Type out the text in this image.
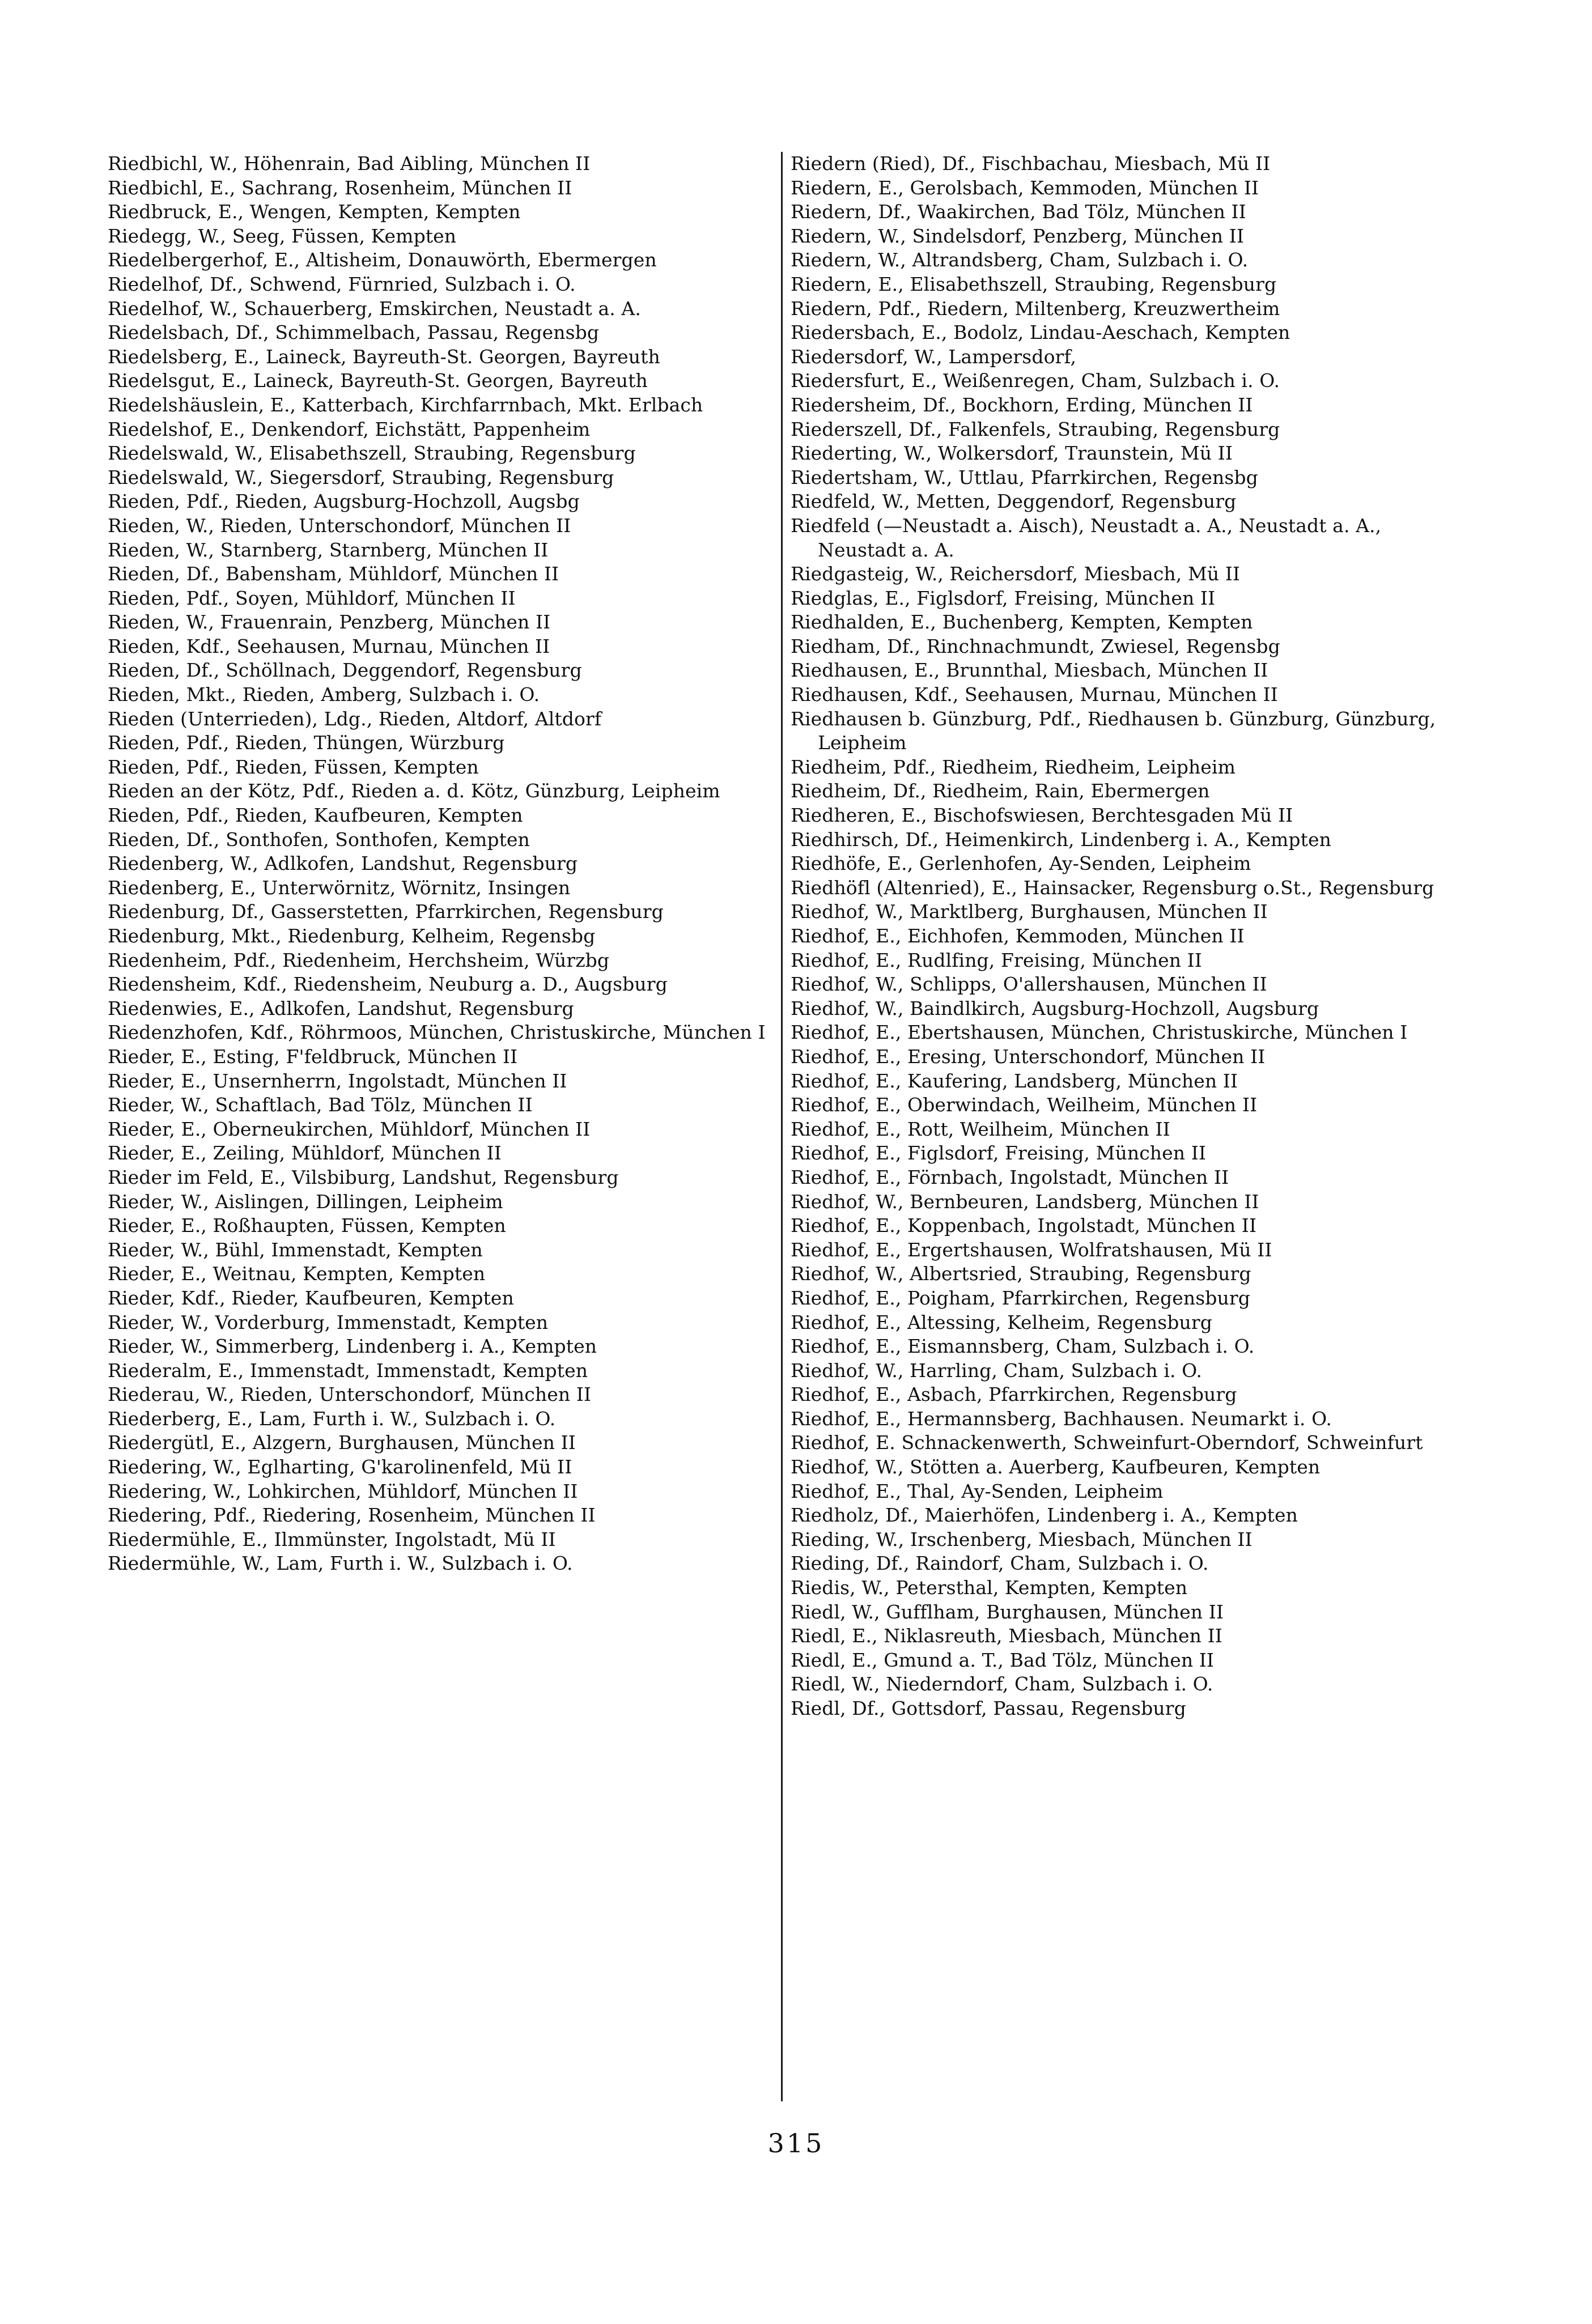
Riedbichl, W., Höhenrain, Bad Aibling, München II
Riedbichl, E., Sachrang, Rosenheim, München II
Riedbruck, E., Wengen, Kempten, Kempten
Riedegg, W., Seeg, Füssen, Kempten
Riedelbergerhof, E., Altisheim, Donauwörth, Ebermergen
Riedelhof, Df., Schwend, Fürnried, Sulzbach i. O.
Riedelhof, W., Schauerberg, Emskirchen, Neustadt a. A.
Riedelsbach, Df., Schimmelbach, Passau, Regensbg
Riedelsberg, E., Laineck, Bayreuth-St. Georgen, Bayreuth
Riedelsgut, E., Laineck, Bayreuth-St. Georgen, Bayreuth
Riedelshäuslein, E., Katterbach, Kirchfarrnbach, Mkt. Erlbach
Riedelshof, E., Denkendorf, Eichstätt, Pappenheim
Riedelswald, W., Elisabethszell, Straubing, Regensburg
Riedelswald, W., Siegersdorf, Straubing, Regensburg
Rieden, Pdf., Rieden, Augsburg-Hochzoll, Augsbg
Rieden, W., Rieden, Unterschondorf, München II
Rieden, W., Starnberg, Starnberg, München II
Rieden, Df., Babensham, Mühldorf, München II
Rieden, Pdf., Soyen, Mühldorf, München II
Rieden, W., Frauenrain, Penzberg, München II
Rieden, Kdf., Seehausen, Murnau, München II
Rieden, Df., Schöllnach, Deggendorf, Regensburg
Rieden, Mkt., Rieden, Amberg, Sulzbach i. O.
Rieden (Unterrieden), Ldg., Rieden, Altdorf, Altdorf
Rieden, Pdf., Rieden, Thüngen, Würzburg
Rieden, Pdf., Rieden, Füssen, Kempten
Rieden an der Kötz, Pdf., Rieden a. d. Kötz, Günzburg, Leipheim
Rieden, Pdf., Rieden, Kaufbeuren, Kempten
Rieden, Df., Sonthofen, Sonthofen, Kempten
Riedenberg, W., Adlkofen, Landshut, Regensburg
Riedenberg, E., Unterwörnitz, Wörnitz, Insingen
Riedenburg, Df., Gasserstetten, Pfarrkirchen, Regensburg
Riedenburg, Mkt., Riedenburg, Kelheim, Regensbg
Riedenheim, Pdf., Riedenheim, Herchsheim, Würzbg
Riedensheim, Kdf., Riedensheim, Neuburg a. D., Augsburg
Riedenwies, E., Adlkofen, Landshut, Regensburg
Riedenzhofen, Kdf., Röhrmoos, München, Christuskirche, München I
Rieder, E., Esting, F'feldbruck, München II
Rieder, E., Unsernherrn, Ingolstadt, München II
Rieder, W., Schaftlach, Bad Tölz, München II
Rieder, E., Oberneukirchen, Mühldorf, München II
Rieder, E., Zeiling, Mühldorf, München II
Rieder im Feld, E., Vilsbiburg, Landshut, Regensburg
Rieder, W., Aislingen, Dillingen, Leipheim
Rieder, E., Roßhaupten, Füssen, Kempten
Rieder, W., Bühl, Immenstadt, Kempten
Rieder, E., Weitnau, Kempten, Kempten
Rieder, Kdf., Rieder, Kaufbeuren, Kempten
Rieder, W., Vorderburg, Immenstadt, Kempten
Rieder, W., Simmerberg, Lindenberg i. A., Kempten
Riederalm, E., Immenstadt, Immenstadt, Kempten
Riederau, W., Rieden, Unterschondorf, München II
Riederberg, E., Lam, Furth i. W., Sulzbach i. O.
Riedergütl, E., Alzgern, Burghausen, München II
Riedering, W., Eglharting, G'karolinenfeld, Mü II
Riedering, W., Lohkirchen, Mühldorf, München II
Riedering, Pdf., Riedering, Rosenheim, München II
Riedermühle, E., Ilmmünster, Ingolstadt, Mü II
Riedermühle, W., Lam, Furth i. W., Sulzbach i. O.
Riedern (Ried), Df., Fischbachau, Miesbach, Mü II
Riedern, E., Gerolsbach, Kemmoden, München II
Riedern, Df., Waakirchen, Bad Tölz, München II
Riedern, W., Sindelsdorf, Penzberg, München II
Riedern, W., Altrandsberg, Cham, Sulzbach i. O.
Riedern, E., Elisabethszell, Straubing, Regensburg
Riedern, Pdf., Riedern, Miltenberg, Kreuzwertheim
Riedersbach, E., Bodolz, Lindau-Aeschach, Kempten
Riedersdorf, W., Lampersdorf,
Riedersfurt, E., Weißenregen, Cham, Sulzbach i. O.
Riedersheim, Df., Bockhorn, Erding, München II
Riederszell, Df., Falkenfels, Straubing, Regensburg
Riederting, W., Wolkersdorf, Traunstein, Mü II
Riedertsham, W., Uttlau, Pfarrkirchen, Regensbg
Riedfeld, W., Metten, Deggendorf, Regensburg
Riedfeld (—Neustadt a. Aisch), Neustadt a. A., Neustadt a. A., Neustadt a. A.
Riedgasteig, W., Reichersdorf, Miesbach, Mü II
Riedglas, E., Figlsdorf, Freising, München II
Riedhalden, E., Buchenberg, Kempten, Kempten
Riedham, Df., Rinchnachmundt, Zwiesel, Regensbg
Riedhausen, E., Brunnthal, Miesbach, München II
Riedhausen, Kdf., Seehausen, Murnau, München II
Riedhausen b. Günzburg, Pdf., Riedhausen b. Günzburg, Günzburg, Leipheim
Riedheim, Pdf., Riedheim, Riedheim, Leipheim
Riedheim, Df., Riedheim, Rain, Ebermergen
Riedheren, E., Bischofswiesen, Berchtesgaden Mü II
Riedhirsch, Df., Heimenkirch, Lindenberg i. A., Kempten
Riedhöfe, E., Gerlenhofen, Ay-Senden, Leipheim
Riedhöfl (Altenried), E., Hainsacker, Regensburg o.St., Regensburg
Riedhof, W., Marktlberg, Burghausen, München II
Riedhof, E., Eichhofen, Kemmoden, München II
Riedhof, E., Rudlfing, Freising, München II
Riedhof, W., Schlipps, O'allershausen, München II
Riedhof, W., Baindlkirch, Augsburg-Hochzoll, Augsburg
Riedhof, E., Ebertshausen, München, Christuskirche, München I
Riedhof, E., Eresing, Unterschondorf, München II
Riedhof, E., Kaufering, Landsberg, München II
Riedhof, E., Oberwindach, Weilheim, München II
Riedhof, E., Rott, Weilheim, München II
Riedhof, E., Figlsdorf, Freising, München II
Riedhof, E., Förnbach, Ingolstadt, München II
Riedhof, W., Bernbeuren, Landsberg, München II
Riedhof, E., Koppenbach, Ingolstadt, München II
Riedhof, E., Ergertshausen, Wolfratshausen, Mü II
Riedhof, W., Albertsried, Straubing, Regensburg
Riedhof, E., Poigham, Pfarrkirchen, Regensburg
Riedhof, E., Altessing, Kelheim, Regensburg
Riedhof, E., Eismannsberg, Cham, Sulzbach i. O.
Riedhof, W., Harrling, Cham, Sulzbach i. O.
Riedhof, E., Asbach, Pfarrkirchen, Regensburg
Riedhof, E., Hermannsberg, Bachhausen. Neumarkt i. O.
Riedhof, E. Schnackenwerth, Schweinfurt-Oberndorf, Schweinfurt
Riedhof, W., Stötten a. Auerberg, Kaufbeuren, Kempten
Riedhof, E., Thal, Ay-Senden, Leipheim
Riedholz, Df., Maierhöfen, Lindenberg i. A., Kempten
Rieding, W., Irschenberg, Miesbach, München II
Rieding, Df., Raindorf, Cham, Sulzbach i. O.
Riedis, W., Petersthal, Kempten, Kempten
Riedl, W., Gufflham, Burghausen, München II
Riedl, E., Niklasreuth, Miesbach, München II
Riedl, E., Gmund a. T., Bad Tölz, München II
Riedl, W., Niederndorf, Cham, Sulzbach i. O.
Riedl, Df., Gottsdorf, Passau, Regensburg
315
